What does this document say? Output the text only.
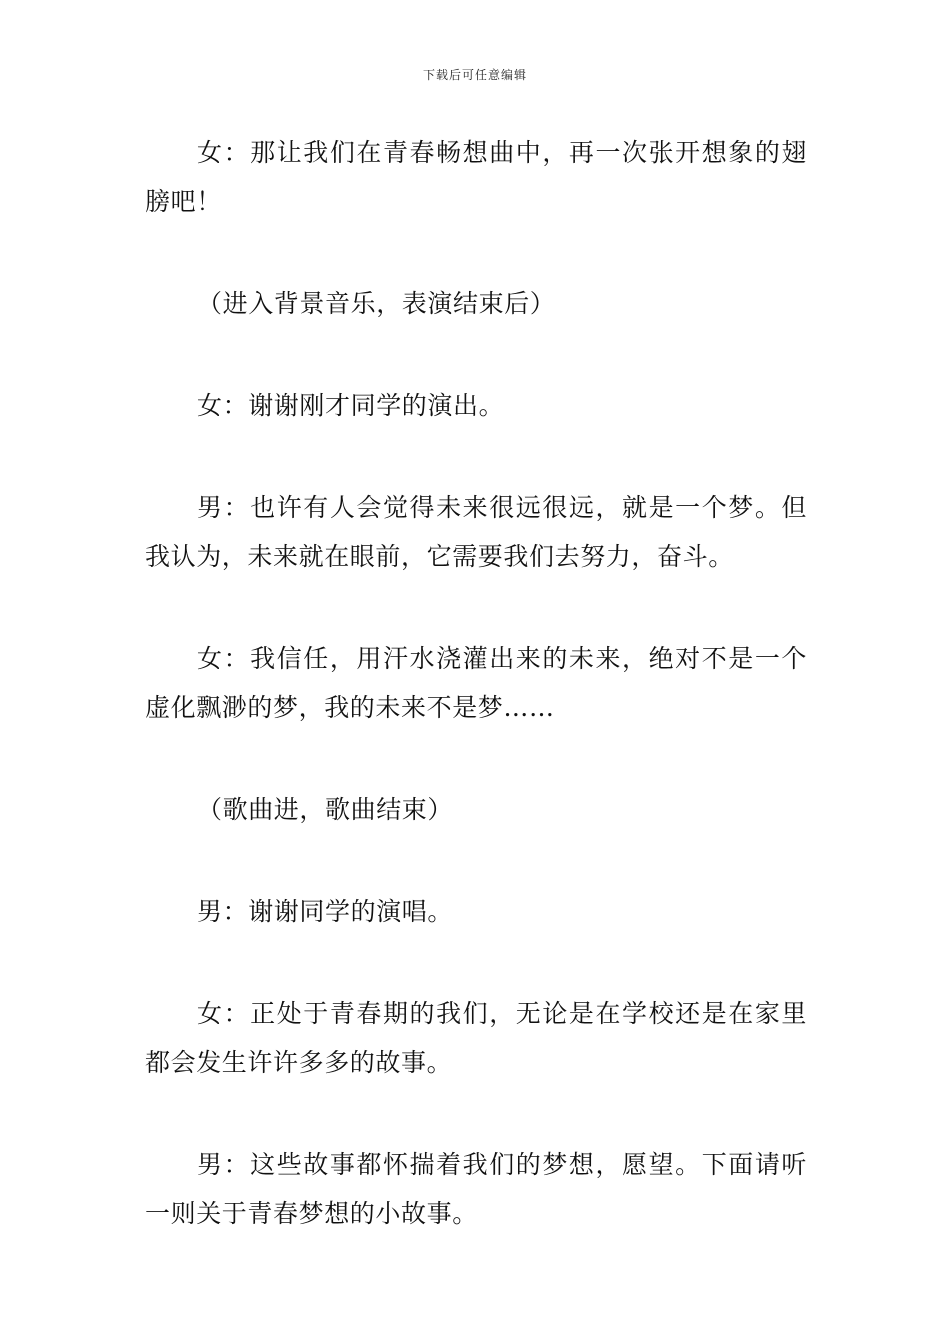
下载后可任意编辑

女：那让我们在青春畅想曲中，再一次张开想象的翅膀吧！

（进入背景音乐，表演结束后）

女：谢谢刚才同学的演出。

男：也许有人会觉得未来很远很远，就是一个梦。但我认为，未来就在眼前，它需要我们去努力，奋斗。

女：我信任，用汗水浇灌出来的未来，绝对不是一个虚化飘渺的梦，我的未来不是梦……

（歌曲进，歌曲结束）

男：谢谢同学的演唱。

女：正处于青春期的我们，无论是在学校还是在家里都会发生许许多多的故事。

男：这些故事都怀揣着我们的梦想，愿望。下面请听一则关于青春梦想的小故事。
